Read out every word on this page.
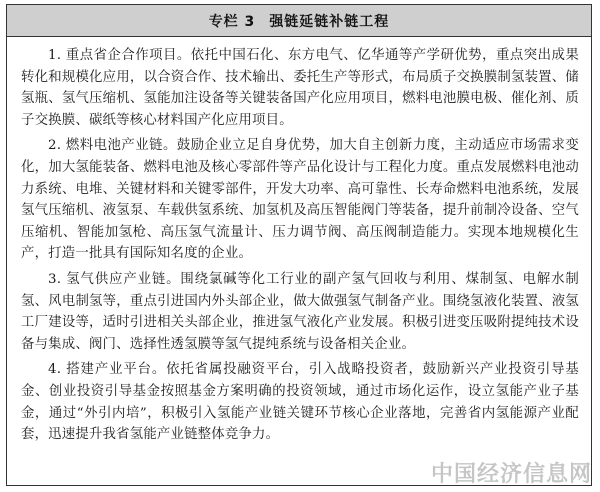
专栏 3 强链延链补链工程

1. 重点省企合作项目。依托中国石化、东方电气、亿华通等产学研优势，重点突出成果转化和规模化应用，以合资合作、技术输出、委托生产等形式，布局质子交换膜制氢装置、储氢瓶、氢气压缩机、氢能加注设备等关键装备国产化应用项目，燃料电池膜电极、催化剂、质子交换膜、碳纸等核心材料国产化应用项目。

2. 燃料电池产业链。鼓励企业立足自身优势，加大自主创新力度，主动适应市场需求变化，加大氢能装备、燃料电池及核心零部件等产品化设计与工程化力度。重点发展燃料电池动力系统、电堆、关键材料和关键零部件，开发大功率、高可靠性、长寿命燃料电池系统，发展氢气压缩机、液氢泵、车载供氢系统、加氢机及高压智能阀门等装备，提升前制冷设备、空气压缩机、智能加氢枪、高压氢气流量计、压力调节阀、高压阀制造能力。实现本地规模化生产，打造一批具有国际知名度的企业。

3. 氢气供应产业链。围绕氯碱等化工行业的副产氢气回收与利用、煤制氢、电解水制氢、风电制氢等，重点引进国内外头部企业，做大做强氢气制备产业。围绕氢液化装置、液氢工厂建设等，适时引进相关头部企业，推进氢气液化产业发展。积极引进变压吸附提纯技术设备与集成、阀门、选择性透氢膜等氢气提纯系统与设备相关企业。

4. 搭建产业平台。依托省属投融资平台，引入战略投资者，鼓励新兴产业投资引导基金、创业投资引导基金按照基金方案明确的投资领域，通过市场化运作，设立氢能产业子基金，通过“外引内培”，积极引入氢能产业链关键环节核心企业落地，完善省内氢能源产业配套，迅速提升我省氢能产业链整体竞争力。

中国经济信息网
